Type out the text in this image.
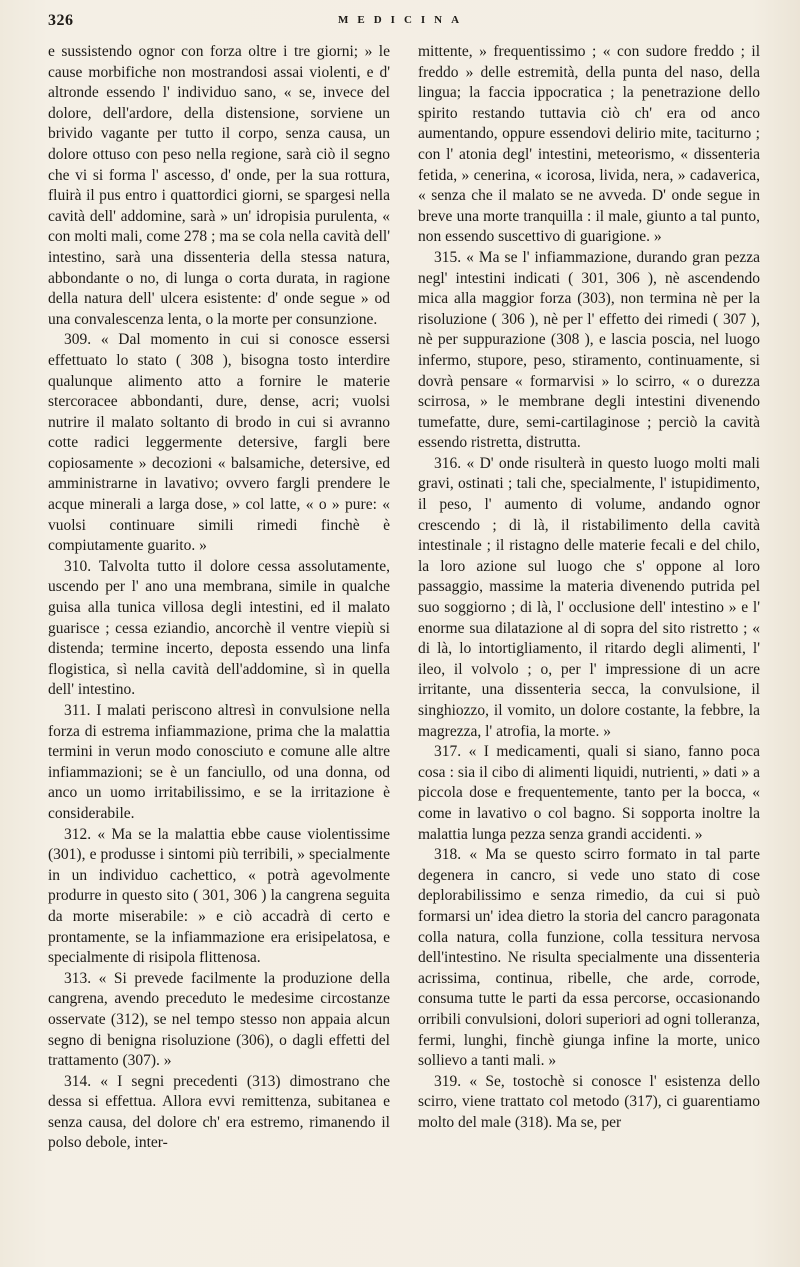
326	MEDICINA

e sussistendo ognor con forza oltre i tre giorni; » le cause morbifiche non mostrandosi assai violenti, e d' altronde essendo l' individuo sano, « se, invece del dolore, dell'ardore, della distensione, sorviene un brivido vagante per tutto il corpo, senza causa, un dolore ottuso con peso nella regione, sarà ciò il segno che vi si forma l' ascesso, d' onde, per la sua rottura, fluirà il pus entro i quattordici giorni, se spargesi nella cavità dell' addomine, sarà » un' idropisia purulenta, « con molti mali, come 278 ; ma se cola nella cavità dell' intestino, sarà una dissenteria della stessa natura, abbondante o no, di lunga o corta durata, in ragione della natura dell' ulcera esistente: d' onde segue » od una convalescenza lenta, o la morte per consunzione.

309. « Dal momento in cui si conosce essersi effettuato lo stato ( 308 ), bisogna tosto interdire qualunque alimento atto a fornire le materie stercoracee abbondanti, dure, dense, acri; vuolsi nutrire il malato soltanto di brodo in cui si avranno cotte radici leggermente detersive, fargli bere copiosamente » decozioni « balsamiche, detersive, ed amministrarne in lavativo; ovvero fargli prendere le acque minerali a larga dose, » col latte, « o » pure: « vuolsi continuare simili rimedi finchè è compiutamente guarito. »

310. Talvolta tutto il dolore cessa assolutamente, uscendo per l' ano una membrana, simile in qualche guisa alla tunica villosa degli intestini, ed il malato guarisce ; cessa eziandio, ancorchè il ventre viepiù si distenda; termine incerto, deposta essendo una linfa flogistica, sì nella cavità dell'addomine, sì in quella dell' intestino.

311. I malati periscono altresì in convulsione nella forza di estrema infiammazione, prima che la malattia termini in verun modo conosciuto e comune alle altre infiammazioni; se è un fanciullo, od una donna, od anco un uomo irritabilissimo, e se la irritazione è considerabile.

312. « Ma se la malattia ebbe cause violentissime (301), e produsse i sintomi più terribili, » specialmente in un individuo cachettico, « potrà agevolmente produrre in questo sito ( 301, 306 ) la cangrena seguita da morte miserabile: » e ciò accadrà di certo e prontamente, se la infiammazione era erisipelatosa, e specialmente di risipola flittenosa.

313. « Si prevede facilmente la produzione della cangrena, avendo preceduto le medesime circostanze osservate (312), se nel tempo stesso non appaia alcun segno di benigna risoluzione (306), o dagli effetti del trattamento (307). »

314. « I segni precedenti (313) dimostrano che dessa si effettua. Allora evvi remittenza, subitanea e senza causa, del dolore ch' era estremo, rimanendo il polso debole, inter-

mittente, » frequentissimo ; « con sudore freddo ; il freddo » delle estremità, della punta del naso, della lingua; la faccia ippocratica ; la penetrazione dello spirito restando tuttavia ciò ch' era od anco aumentando, oppure essendovi delirio mite, taciturno ; con l' atonia degl' intestini, meteorismo, « dissenteria fetida, » cenerina, « icorosa, livida, nera, » cadaverica, « senza che il malato se ne avveda. D' onde segue in breve una morte tranquilla : il male, giunto a tal punto, non essendo suscettivo di guarigione. »

315. « Ma se l' infiammazione, durando gran pezza negl' intestini indicati ( 301, 306 ), nè ascendendo mica alla maggior forza (303), non termina nè per la risoluzione ( 306 ), nè per l' effetto dei rimedi ( 307 ), nè per suppurazione (308 ), e lascia poscia, nel luogo infermo, stupore, peso, stiramento, continuamente, si dovrà pensare « formarvisi » lo scirro, « o durezza scirrosa, » le membrane degli intestini divenendo tumefatte, dure, semi-cartilaginose ; perciò la cavità essendo ristretta, distrutta.

316. « D' onde risulterà in questo luogo molti mali gravi, ostinati ; tali che, specialmente, l' istupidimento, il peso, l' aumento di volume, andando ognor crescendo ; di là, il ristabilimento della cavità intestinale ; il ristagno delle materie fecali e del chilo, la loro azione sul luogo che s' oppone al loro passaggio, massime la materia divenendo putrida pel suo soggiorno ; di là, l' occlusione dell' intestino » e l' enorme sua dilatazione al di sopra del sito ristretto ; « di là, lo intortigliamento, il ritardo degli alimenti, l' ileo, il volvolo ; o, per l' impressione di un acre irritante, una dissenteria secca, la convulsione, il singhiozzo, il vomito, un dolore costante, la febbre, la magrezza, l' atrofia, la morte. »

317. « I medicamenti, quali si siano, fanno poca cosa : sia il cibo di alimenti liquidi, nutrienti, » dati » a piccola dose e frequentemente, tanto per la bocca, « come in lavativo o col bagno. Si sopporta inoltre la malattia lunga pezza senza grandi accidenti. »

318. « Ma se questo scirro formato in tal parte degenera in cancro, si vede uno stato di cose deplorabilissimo e senza rimedio, da cui si può formarsi un' idea dietro la storia del cancro paragonata colla natura, colla funzione, colla tessitura nervosa dell'intestino. Ne risulta specialmente una dissenteria acrissima, continua, ribelle, che arde, corrode, consuma tutte le parti da essa percorse, occasionando orribili convulsioni, dolori superiori ad ogni tolleranza, fermi, lunghi, finchè giunga infine la morte, unico sollievo a tanti mali. »

319. « Se, tostochè si conosce l' esistenza dello scirro, viene trattato col metodo (317), ci guarentiamo molto del male (318). Ma se, per
